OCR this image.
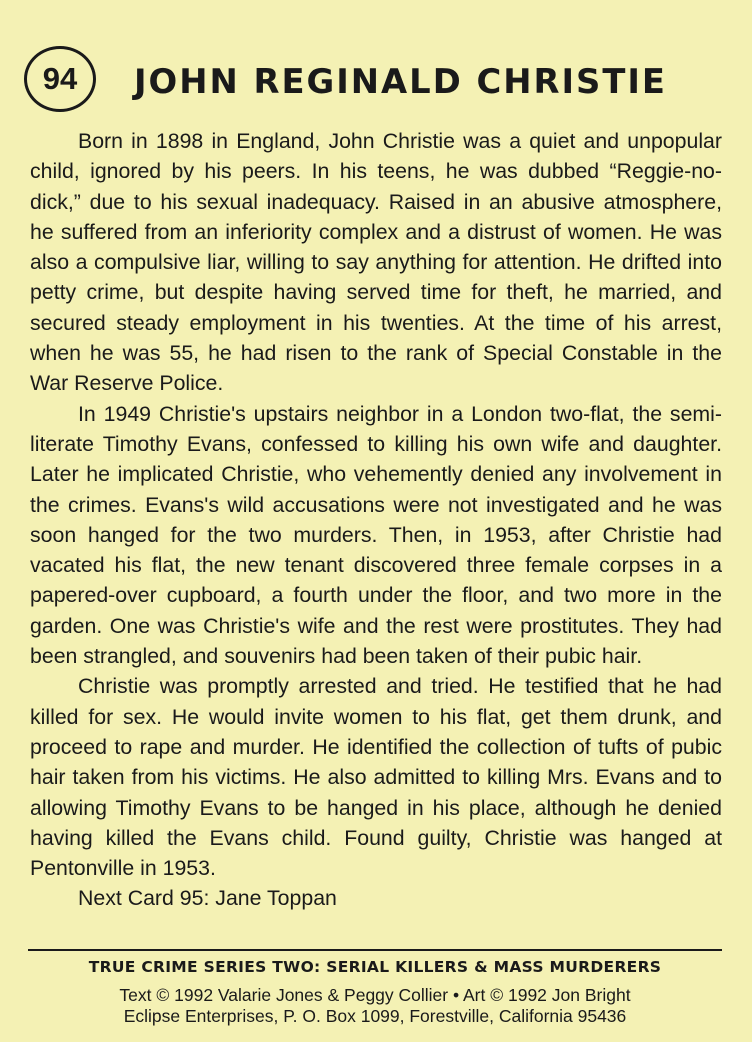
94 JOHN REGINALD CHRISTIE

Born in 1898 in England, John Christie was a quiet and unpopular child, ignored by his peers. In his teens, he was dubbed “Reggie-no-dick,” due to his sexual inadequacy. Raised in an abusive atmosphere, he suffered from an inferiority complex and a distrust of women. He was also a compulsive liar, willing to say anything for attention. He drifted into petty crime, but despite having served time for theft, he married, and secured steady employment in his twenties. At the time of his arrest, when he was 55, he had risen to the rank of Special Constable in the War Reserve Police.

In 1949 Christie's upstairs neighbor in a London two-flat, the semi-literate Timothy Evans, confessed to killing his own wife and daughter. Later he implicated Christie, who vehemently denied any involvement in the crimes. Evans's wild accusations were not investigated and he was soon hanged for the two murders. Then, in 1953, after Christie had vacated his flat, the new tenant discovered three female corpses in a papered-over cupboard, a fourth under the floor, and two more in the garden. One was Christie's wife and the rest were prostitutes. They had been strangled, and souvenirs had been taken of their pubic hair.

Christie was promptly arrested and tried. He testified that he had killed for sex. He would invite women to his flat, get them drunk, and proceed to rape and murder. He identified the collection of tufts of pubic hair taken from his victims. He also admitted to killing Mrs. Evans and to allowing Timothy Evans to be hanged in his place, although he denied having killed the Evans child. Found guilty, Christie was hanged at Pentonville in 1953.

Next Card 95: Jane Toppan
TRUE CRIME SERIES TWO: SERIAL KILLERS & MASS MURDERERS
Text © 1992 Valarie Jones & Peggy Collier • Art © 1992 Jon Bright
Eclipse Enterprises, P. O. Box 1099, Forestville, California 95436
